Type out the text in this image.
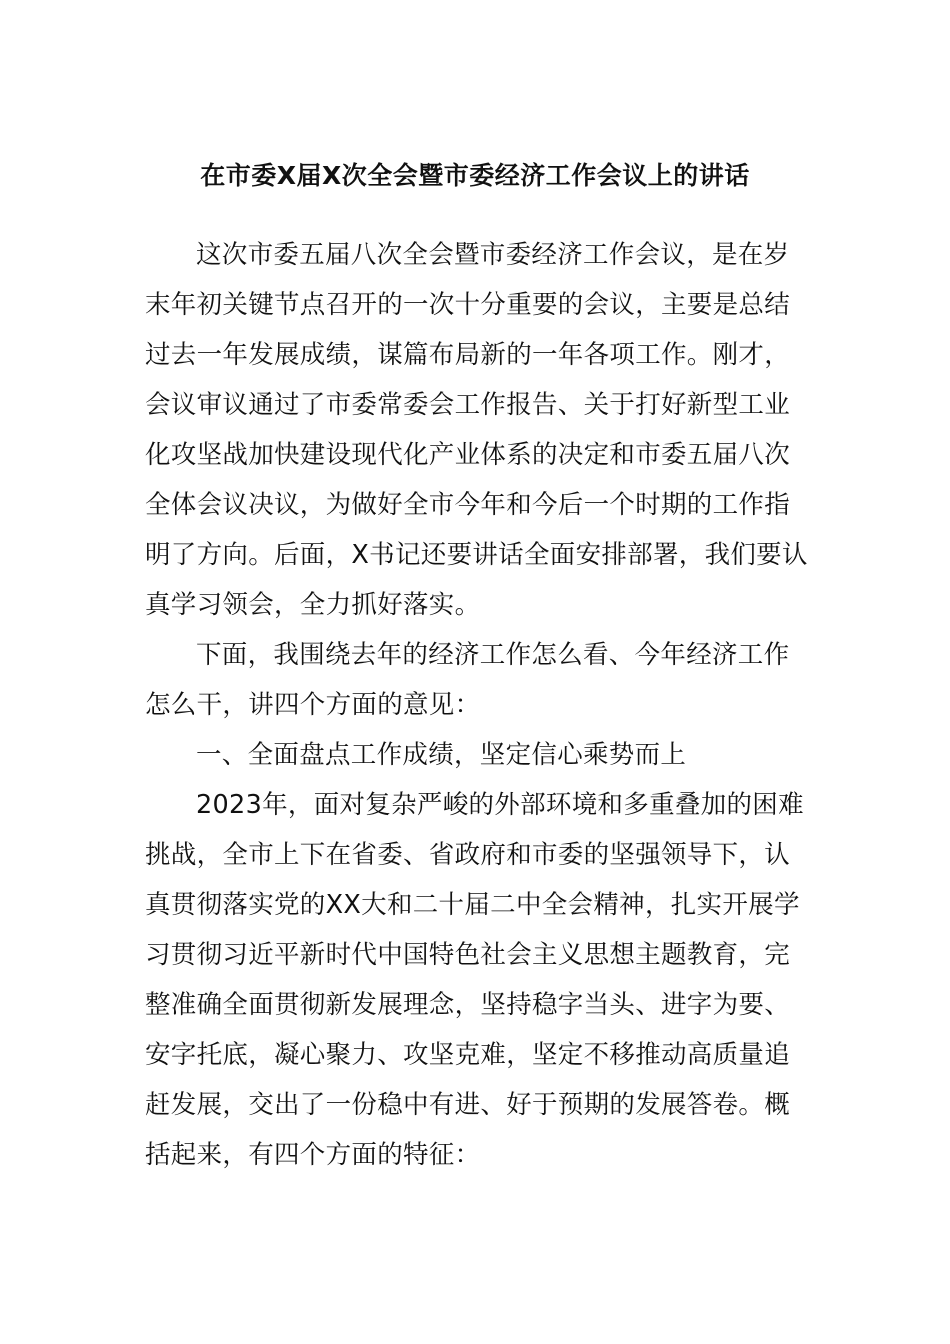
在市委X届X次全会暨市委经济工作会议上的讲话
这次市委五届八次全会暨市委经济工作会议，是在岁
末年初关键节点召开的一次十分重要的会议，主要是总结
过去一年发展成绩，谋篇布局新的一年各项工作。刚才，
会议审议通过了市委常委会工作报告、关于打好新型工业
化攻坚战加快建设现代化产业体系的决定和市委五届八次
全体会议决议，为做好全市今年和今后一个时期的工作指
明了方向。后面，X书记还要讲话全面安排部署，我们要认
真学习领会，全力抓好落实。
下面，我围绕去年的经济工作怎么看、今年经济工作
怎么干，讲四个方面的意见：
一、全面盘点工作成绩，坚定信心乘势而上
2023年，面对复杂严峻的外部环境和多重叠加的困难
挑战，全市上下在省委、省政府和市委的坚强领导下，认
真贯彻落实党的XX大和二十届二中全会精神，扎实开展学
习贯彻习近平新时代中国特色社会主义思想主题教育，完
整准确全面贯彻新发展理念，坚持稳字当头、进字为要、
安字托底，凝心聚力、攻坚克难，坚定不移推动高质量追
赶发展，交出了一份稳中有进、好于预期的发展答卷。概
括起来，有四个方面的特征：
